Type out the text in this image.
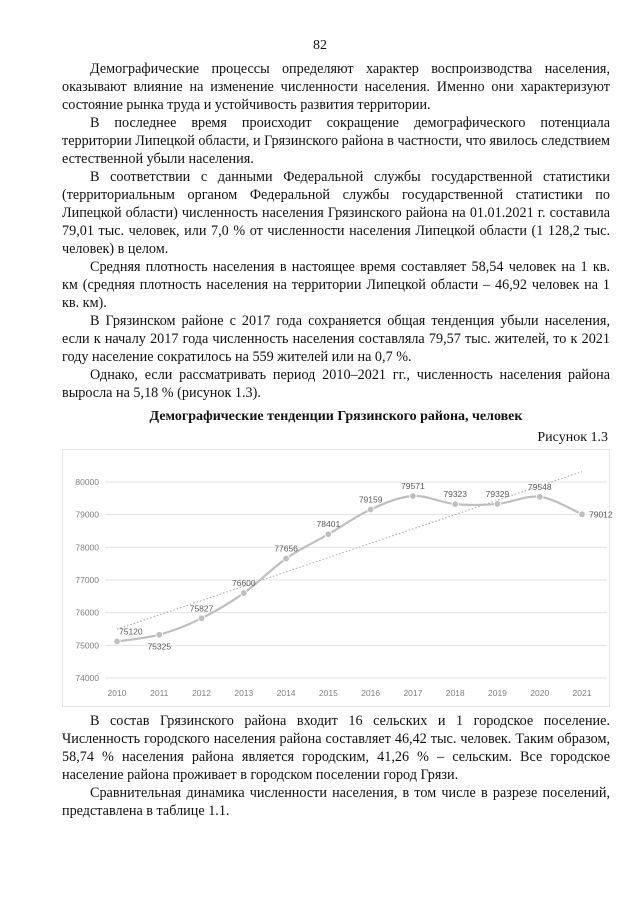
82

Демографические процессы определяют характер воспроизводства населения, оказывают влияние на изменение численности населения. Именно они характеризуют состояние рынка труда и устойчивость развития территории.

В последнее время происходит сокращение демографического потенциала территории Липецкой области, и Грязинского района в частности, что явилось следствием естественной убыли населения.

В соответствии с данными Федеральной службы государственной статистики (территориальным органом Федеральной службы государственной статистики по Липецкой области) численность населения Грязинского района на 01.01.2021 г. составила 79,01 тыс. человек, или 7,0 % от численности населения Липецкой области (1 128,2 тыс. человек) в целом.

Средняя плотность населения в настоящее время составляет 58,54 человек на 1 кв. км (средняя плотность населения на территории Липецкой области – 46,92 человек на 1 кв. км).

В Грязинском районе с 2017 года сохраняется общая тенденция убыли населения, если к началу 2017 года численность населения составляла 79,57 тыс. жителей, то к 2021 году население сократилось на 559 жителей или на 0,7 %.

Однако, если рассматривать период 2010–2021 гг., численность населения района выросла на 5,18 % (рисунок 1.3).

Демографические тенденции Грязинского района, человек
Рисунок 1.3
75120
75325
75827
76600
77656
78401
79159
79571
79323 79329
79548
79012
74000
75000
76000
77000
78000
79000
80000
2010	2011	2012	2013	2014	2015	2016	2017	2018	2019	2020	2021

В состав Грязинского района входит 16 сельских и 1 городское поселение. Численность городского населения района составляет 46,42 тыс. человек. Таким образом, 58,74 % населения района является городским, 41,26 % – сельским. Все городское население района проживает в городском поселении город Грязи.

Сравнительная динамика численности населения, в том числе в разрезе поселений, представлена в таблице 1.1.
